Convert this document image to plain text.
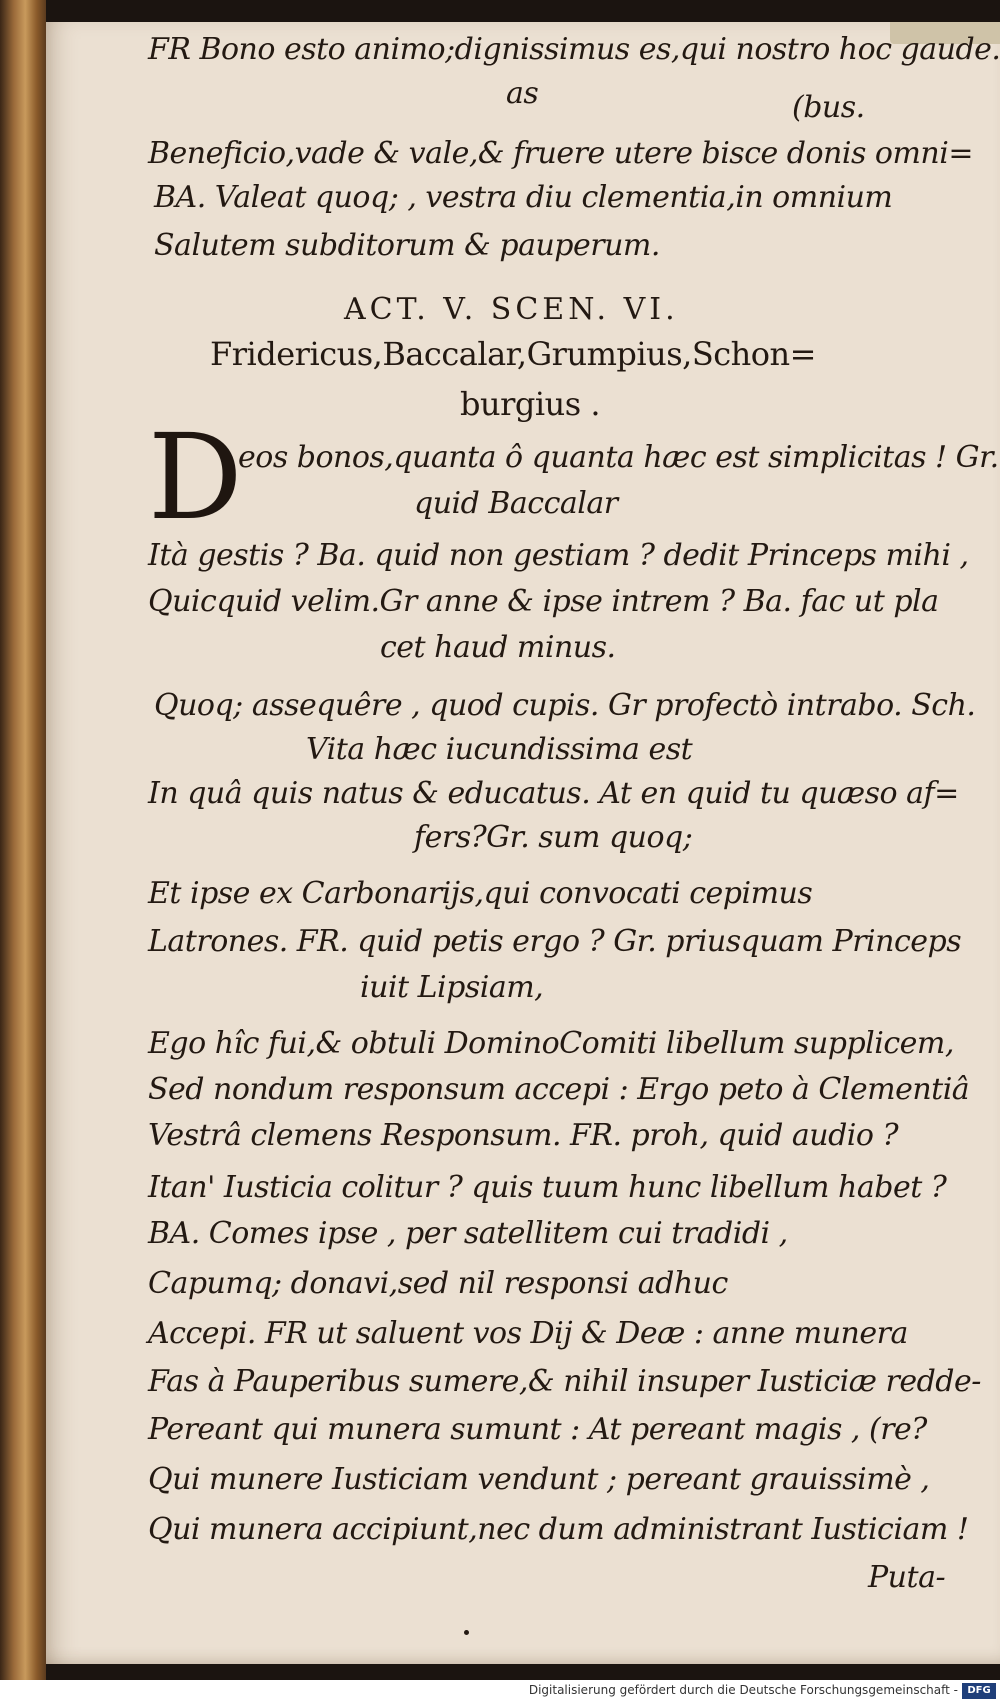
FR Bono esto animo;dignissimus es,qui nostro hoc gaude.
as	(bus.
Beneficio,vade & vale,& fruere utere bisce donis omni=
BA. Valeat quoq; , vestra diu clementia,in omnium
Salutem subditorum & pauperum.
ACT. V. SCEN. VI.
Fridericus,Baccalar,Grumpius,Schon=
burgius .
D
eos bonos,quanta ô quanta hæc est simplicitas ! Gr.
quid Baccalar
Ità gestis ? Ba. quid non gestiam ? dedit Princeps mihi ,
Quicquid velim.Gr anne & ipse intrem ? Ba. fac ut pla
cet haud minus.
Quoq; assequêre , quod cupis. Gr profectò intrabo. Sch.
Vita hæc iucundissima est
In quâ quis natus & educatus. At en quid tu quæso af=
fers?Gr. sum quoq;
Et ipse ex Carbonarijs,qui convocati cepimus
Latrones. FR. quid petis ergo ? Gr. priusquam Princeps
iuit Lipsiam,
Ego hîc fui,& obtuli DominoComiti libellum supplicem,
Sed nondum responsum accepi : Ergo peto à Clementiâ
Vestrâ clemens Responsum. FR. proh, quid audio ?
Itan' Iusticia colitur ? quis tuum hunc libellum habet ?
BA. Comes ipse , per satellitem cui tradidi ,
Capumq; donavi,sed nil responsi adhuc
Accepi. FR ut saluent vos Dij & Deæ : anne munera
Fas à Pauperibus sumere,& nihil insuper Iusticiæ redde-
Pereant qui munera sumunt : At pereant magis , (re?
Qui munere Iusticiam vendunt ; pereant grauissimè ,
Qui munera accipiunt,nec dum administrant Iusticiam !
Puta-
Digitalisierung gefördert durch die Deutsche Forschungsgemeinschaft - DFG
